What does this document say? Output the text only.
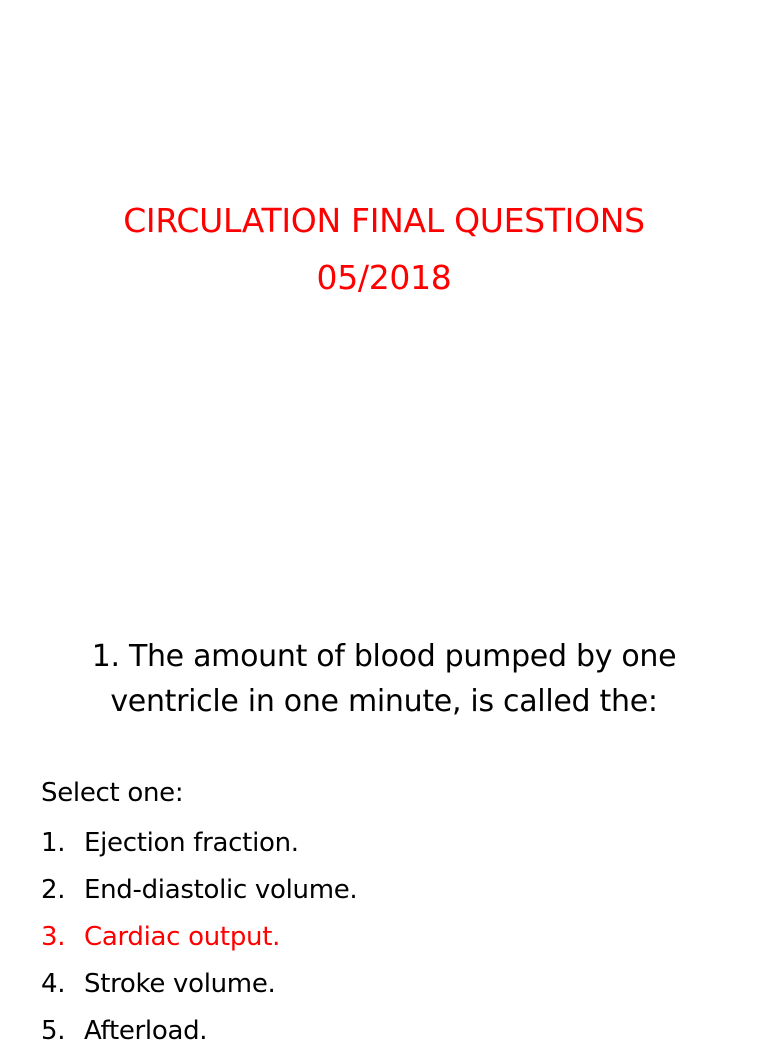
CIRCULATION FINAL QUESTIONS
05/2018
1. The amount of blood pumped by one
ventricle in one minute, is called the:
Select one:
1. Ejection fraction.
2. End-diastolic volume.
3. Cardiac output.
4. Stroke volume.
5. Afterload.
